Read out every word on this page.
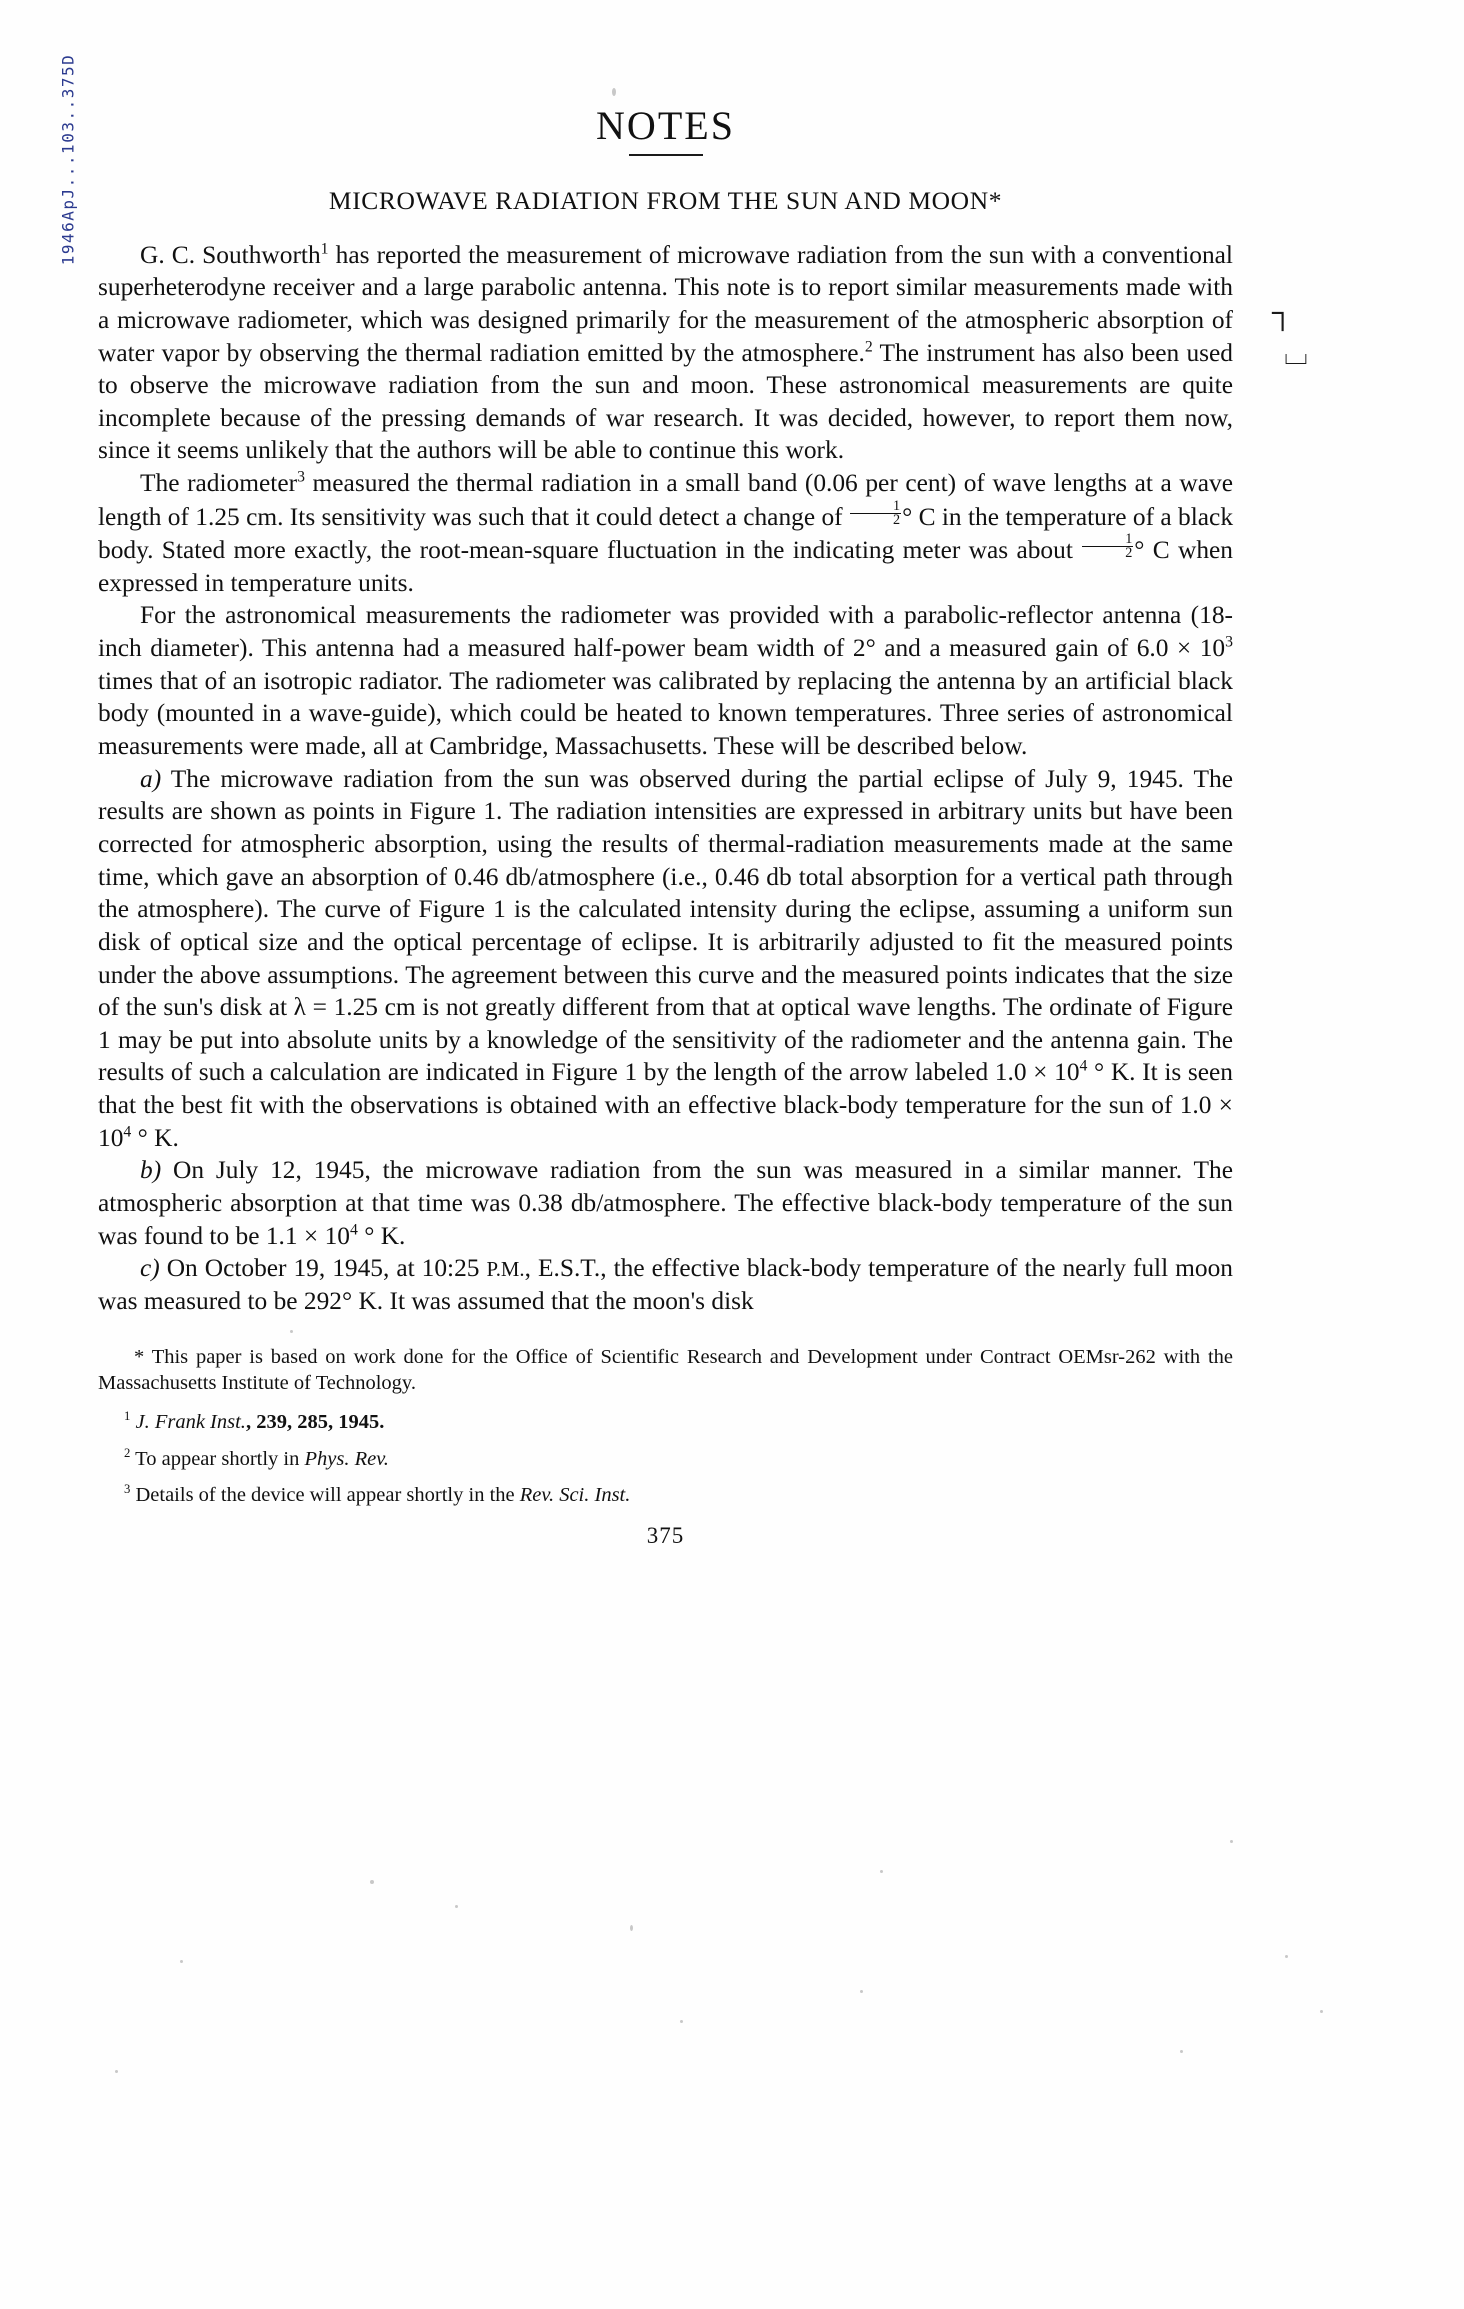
1946ApJ...103..375D
┐
⌴
NOTES
MICROWAVE RADIATION FROM THE SUN AND MOON*

G. C. Southworth$^1$ has reported the measurement of microwave radiation from the sun with a conventional superheterodyne receiver and a large parabolic antenna. This note is to report similar measurements made with a microwave radiometer, which was designed primarily for the measurement of the atmospheric absorption of water vapor by observing the thermal radiation emitted by the atmosphere.$^2$ The instrument has also been used to observe the microwave radiation from the sun and moon. These astronomical measurements are quite incomplete because of the pressing demands of war research. It was decided, however, to report them now, since it seems unlikely that the authors will be able to continue this work.

The radiometer$^3$ measured the thermal radiation in a small band (0.06 per cent) of wave lengths at a wave length of 1.25 cm. Its sensitivity was such that it could detect a change of $\frac{1}{2}$ ° C in the temperature of a black body. Stated more exactly, the root-mean-square fluctuation in the indicating meter was about $\frac{1}{2}$ ° C when expressed in temperature units.

For the astronomical measurements the radiometer was provided with a parabolic-reflector antenna (18-inch diameter). This antenna had a measured half-power beam width of 2° and a measured gain of $6.0 \times 10^3$ times that of an isotropic radiator. The radiometer was calibrated by replacing the antenna by an artificial black body (mounted in a wave-guide), which could be heated to known temperatures. Three series of astronomical measurements were made, all at Cambridge, Massachusetts. These will be described below.

a) The microwave radiation from the sun was observed during the partial eclipse of July 9, 1945. The results are shown as points in Figure 1. The radiation intensities are expressed in arbitrary units but have been corrected for atmospheric absorption, using the results of thermal-radiation measurements made at the same time, which gave an absorption of 0.46 db/atmosphere (i.e., 0.46 db total absorption for a vertical path through the atmosphere). The curve of Figure 1 is the calculated intensity during the eclipse, assuming a uniform sun disk of optical size and the optical percentage of eclipse. It is arbitrarily adjusted to fit the measured points under the above assumptions. The agreement between this curve and the measured points indicates that the size of the sun's disk at λ = 1.25 cm is not greatly different from that at optical wave lengths. The ordinate of Figure 1 may be put into absolute units by a knowledge of the sensitivity of the radiometer and the antenna gain. The results of such a calculation are indicated in Figure 1 by the length of the arrow labeled $1.0 \times 10^4$ ° K. It is seen that the best fit with the observations is obtained with an effective black-body temperature for the sun of $1.0 \times 10^4$ ° K.

b) On July 12, 1945, the microwave radiation from the sun was measured in a similar manner. The atmospheric absorption at that time was 0.38 db/atmosphere. The effective black-body temperature of the sun was found to be $1.1 \times 10^4$ ° K.

c) On October 19, 1945, at 10:25 P.M., E.S.T., the effective black-body temperature of the nearly full moon was measured to be 292° K. It was assumed that the moon's disk

* This paper is based on work done for the Office of Scientific Research and Development under Contract OEMsr-262 with the Massachusetts Institute of Technology.

$^1$ J. Frank Inst., 239, 285, 1945.

$^2$ To appear shortly in Phys. Rev.

$^3$ Details of the device will appear shortly in the Rev. Sci. Inst.

375
